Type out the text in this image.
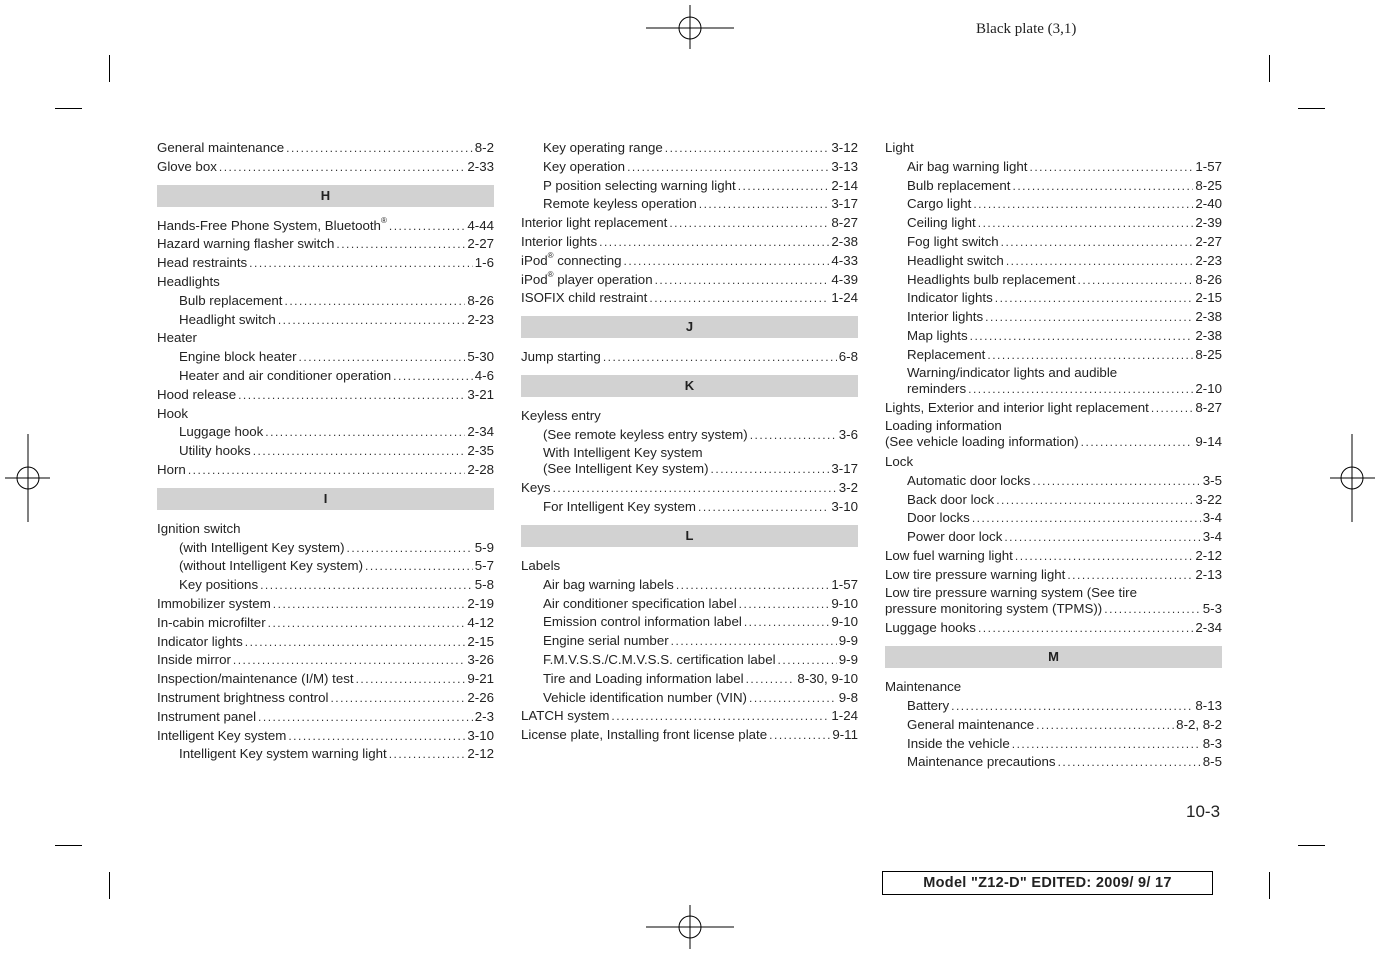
Black plate (3,1)
General maintenance .....	8-2
Glove box .....	2-33
H
Hands-Free Phone System, Bluetooth® .....	4-44
Hazard warning flasher switch .....	2-27
Head restraints .....	1-6
Headlights
Bulb replacement .....	8-26
Headlight switch .....	2-23
Heater
Engine block heater .....	5-30
Heater and air conditioner operation .....	4-6
Hood release .....	3-21
Hook
Luggage hook .....	2-34
Utility hooks .....	2-35
Horn .....	2-28
I
Ignition switch
(with Intelligent Key system) .....	5-9
(without Intelligent Key system) .....	5-7
Key positions .....	5-8
Immobilizer system .....	2-19
In-cabin microfilter .....	4-12
Indicator lights .....	2-15
Inside mirror .....	3-26
Inspection/maintenance (I/M) test .....	9-21
Instrument brightness control .....	2-26
Instrument panel .....	2-3
Intelligent Key system .....	3-10
Intelligent Key system warning light .....	2-12
Key operating range .....	3-12
Key operation .....	3-13
P position selecting warning light .....	2-14
Remote keyless operation .....	3-17
Interior light replacement .....	8-27
Interior lights .....	2-38
iPod® connecting .....	4-33
iPod® player operation .....	4-39
ISOFIX child restraint .....	1-24
J
Jump starting .....	6-8
K
Keyless entry
(See remote keyless entry system) .....	3-6
With Intelligent Key system
(See Intelligent Key system) .....	3-17
Keys .....	3-2
For Intelligent Key system .....	3-10
L
Labels
Air bag warning labels .....	1-57
Air conditioner specification label .....	9-10
Emission control information label .....	9-10
Engine serial number .....	9-9
F.M.V.S.S./C.M.V.S.S. certification label .....	9-9
Tire and Loading information label .....	8-30, 9-10
Vehicle identification number (VIN) .....	9-8
LATCH system .....	1-24
License plate, Installing front license plate .....	9-11
Light
Air bag warning light .....	1-57
Bulb replacement .....	8-25
Cargo light .....	2-40
Ceiling light .....	2-39
Fog light switch .....	2-27
Headlight switch .....	2-23
Headlights bulb replacement .....	8-26
Indicator lights .....	2-15
Interior lights .....	2-38
Map lights .....	2-38
Replacement .....	8-25
Warning/indicator lights and audible
reminders .....	2-10
Lights, Exterior and interior light replacement .....	8-27
Loading information
(See vehicle loading information) .....	9-14
Lock
Automatic door locks .....	3-5
Back door lock .....	3-22
Door locks .....	3-4
Power door lock .....	3-4
Low fuel warning light .....	2-12
Low tire pressure warning light .....	2-13
Low tire pressure warning system (See tire
pressure monitoring system (TPMS)) .....	5-3
Luggage hooks .....	2-34
M
Maintenance
Battery .....	8-13
General maintenance .....	8-2, 8-2
Inside the vehicle .....	8-3
Maintenance precautions .....	8-5
10-3
Model "Z12-D" EDITED: 2009/ 9/ 17
